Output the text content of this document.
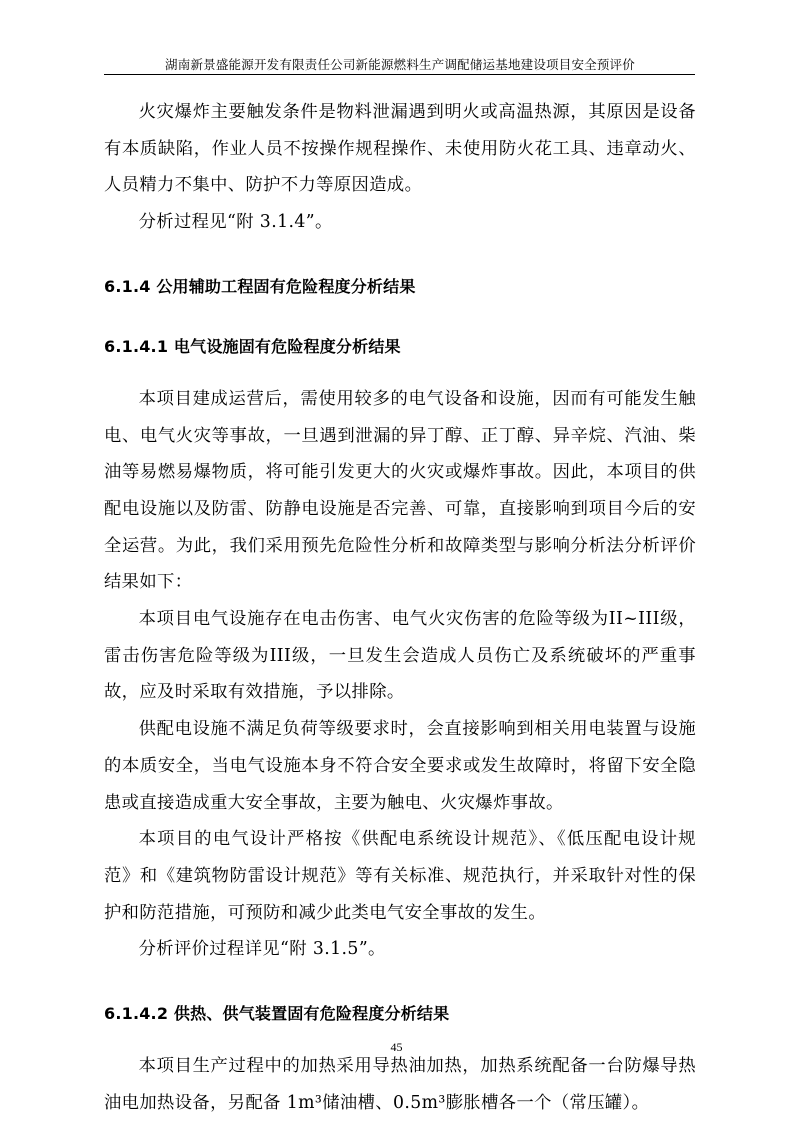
湖南新景盛能源开发有限责任公司新能源燃料生产调配储运基地建设项目安全预评价

火灾爆炸主要触发条件是物料泄漏遇到明火或高温热源，其原因是设备有本质缺陷，作业人员不按操作规程操作、未使用防火花工具、违章动火、人员精力不集中、防护不力等原因造成。

分析过程见“附 3.1.4”。

6.1.4 公用辅助工程固有危险程度分析结果
6.1.4.1 电气设施固有危险程度分析结果

本项目建成运营后，需使用较多的电气设备和设施，因而有可能发生触电、电气火灾等事故，一旦遇到泄漏的异丁醇、正丁醇、异辛烷、汽油、柴油等易燃易爆物质，将可能引发更大的火灾或爆炸事故。因此，本项目的供配电设施以及防雷、防静电设施是否完善、可靠，直接影响到项目今后的安全运营。为此，我们采用预先危险性分析和故障类型与影响分析法分析评价结果如下：

本项目电气设施存在电击伤害、电气火灾伤害的危险等级为II~III级，雷击伤害危险等级为III级，一旦发生会造成人员伤亡及系统破坏的严重事故，应及时采取有效措施，予以排除。

供配电设施不满足负荷等级要求时，会直接影响到相关用电装置与设施的本质安全，当电气设施本身不符合安全要求或发生故障时，将留下安全隐患或直接造成重大安全事故，主要为触电、火灾爆炸事故。

本项目的电气设计严格按《供配电系统设计规范》、《低压配电设计规范》和《建筑物防雷设计规范》等有关标准、规范执行，并采取针对性的保护和防范措施，可预防和减少此类电气安全事故的发生。

分析评价过程详见“附 3.1.5”。

6.1.4.2 供热、供气装置固有危险程度分析结果

本项目生产过程中的加热采用导热油加热，加热系统配备一台防爆导热油电加热设备，另配备 1m³储油槽、0.5m³膨胀槽各一个（常压罐）。

45
